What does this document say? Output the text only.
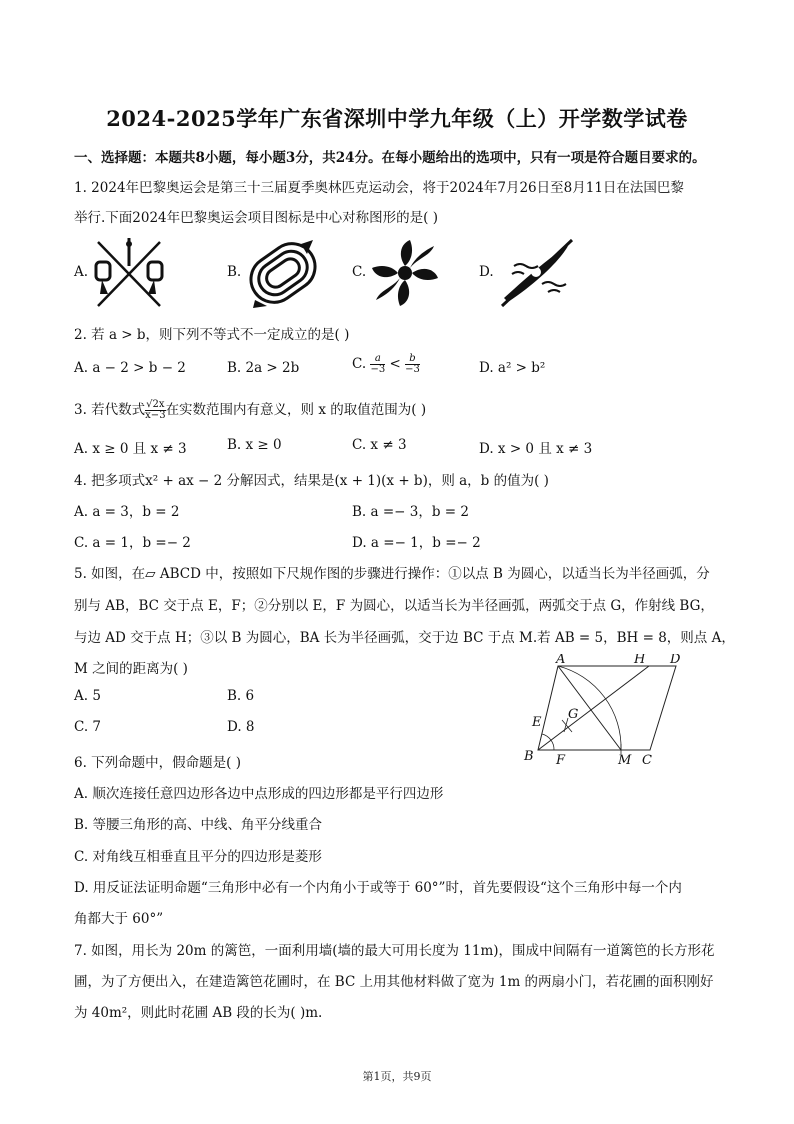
2024-2025学年广东省深圳中学九年级（上）开学数学试卷
一、选择题：本题共8小题，每小题3分，共24分。在每小题给出的选项中，只有一项是符合题目要求的。
1. 2024年巴黎奥运会是第三十三届夏季奥林匹克运动会，将于2024年7月26日至8月11日在法国巴黎
举行.下面2024年巴黎奥运会项目图标是中心对称图形的是( )
A.	B.	C.	D.
2. 若 a > b，则下列不等式不一定成立的是( )
A. a − 2 > b − 2	B. 2a > 2b	C. $\frac{a}{-3} < \frac{b}{-3}$	D. a² > b²
3. 若代数式 $\frac{√2x}{x-3}$ 在实数范围内有意义，则 x 的取值范围为( )
A. x ≥ 0 且 x ≠ 3	B. x ≥ 0	C. x ≠ 3	D. x > 0 且 x ≠ 3
4. 把多项式x² + ax − 2 分解因式，结果是(x + 1)(x + b)，则 a，b 的值为( )
A. a = 3，b = 2	B. a =− 3，b = 2
C. a = 1，b =− 2	D. a =− 1，b =− 2
5. 如图，在▱ ABCD 中，按照如下尺规作图的步骤进行操作：①以点 B 为圆心，以适当长为半径画弧，分
别与 AB，BC 交于点 E，F；②分别以 E，F 为圆心，以适当长为半径画弧，两弧交于点 G，作射线 BG，
与边 AD 交于点 H；③以 B 为圆心，BA 长为半径画弧，交于边 BC 于点 M.若 AB = 5，BH = 8，则点 A，
M 之间的距离为( )
A. 5	B. 6
C. 7	D. 8
A	H D
E
G
B F	M C
6. 下列命题中，假命题是( )
A. 顺次连接任意四边形各边中点形成的四边形都是平行四边形
B. 等腰三角形的高、中线、角平分线重合
C. 对角线互相垂直且平分的四边形是菱形
D. 用反证法证明命题“三角形中必有一个内角小于或等于 60°”时，首先要假设“这个三角形中每一个内
角都大于 60°”
7. 如图，用长为 20m 的篱笆，一面利用墙(墙的最大可用长度为 11m)，围成中间隔有一道篱笆的长方形花
圃，为了方便出入，在建造篱笆花圃时，在 BC 上用其他材料做了宽为 1m 的两扇小门，若花圃的面积刚好
为 40m²，则此时花圃 AB 段的长为( )m.
第1页，共9页
